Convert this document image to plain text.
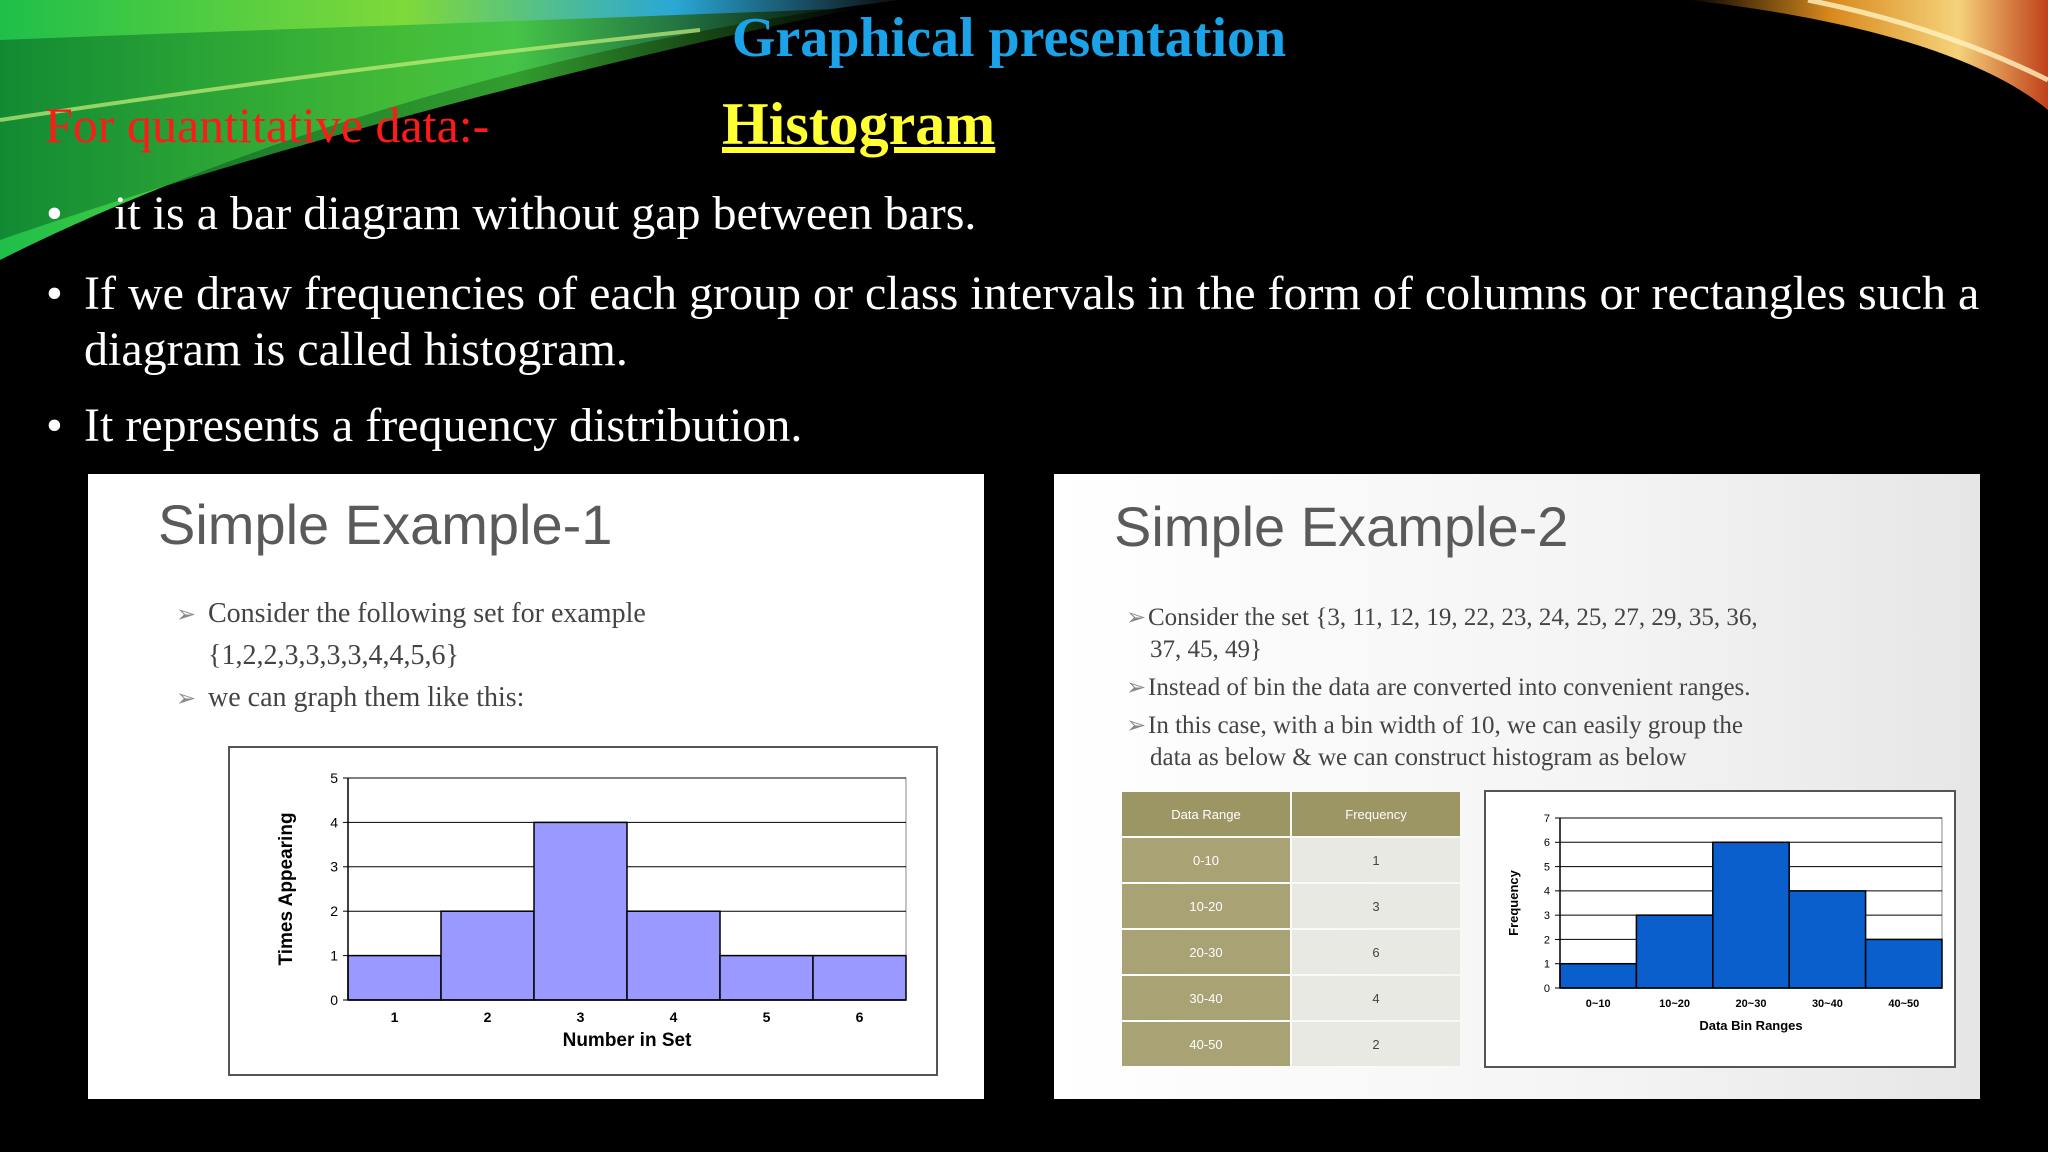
Graphical presentation
For quantitative data:-	Histogram
• it is a bar diagram without gap between bars.
• If we draw frequencies of each group or class intervals in the form of columns or rectangles such a diagram is called histogram.
• It represents a frequency distribution.
Simple Example-1
➢ Consider the following set for example
{1,2,2,3,3,3,3,4,4,5,6}
➢ we can graph them like this:
0
1
2
3
4
5
1	2	3	4	5	6
Number in Set
Times Appearing
Simple Example-2
➢Consider the set {3, 11, 12, 19, 22, 23, 24, 25, 27, 29, 35, 36,
37, 45, 49}
➢Instead of bin the data are converted into convenient ranges.
➢In this case, with a bin width of 10, we can easily group the
data as below & we can construct histogram as below
Data Range	Frequency
0-10	1
10-20	3
20-30	6
30-40	4
40-50	2
0
1
2
3
4
5
6
7
0~10	10~20	20~30	30~40	40~50
Data Bin Ranges
Frequency
